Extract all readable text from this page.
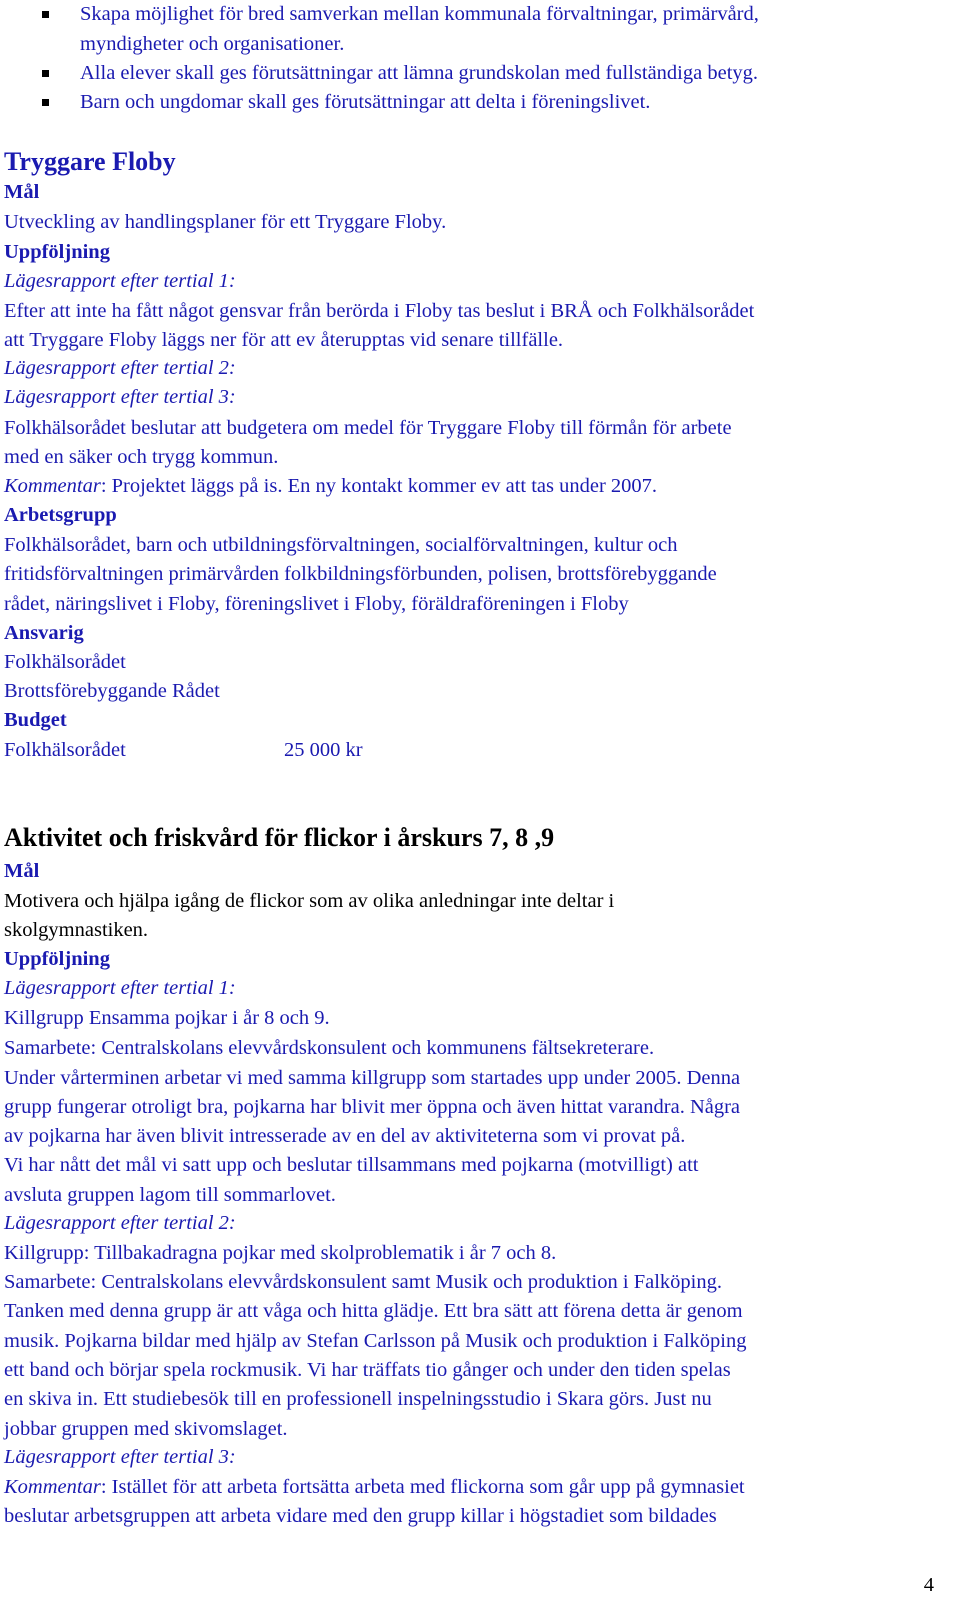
Skapa möjlighet för bred samverkan mellan kommunala förvaltningar, primärvård,
myndigheter och organisationer.
Alla elever skall ges förutsättningar att lämna grundskolan med fullständiga betyg.
Barn och ungdomar skall ges förutsättningar att delta i föreningslivet.
Tryggare Floby
Mål
Utveckling av handlingsplaner för ett Tryggare Floby.
Uppföljning
Lägesrapport efter tertial 1:
Efter att inte ha fått något gensvar från berörda i Floby tas beslut i BRÅ och Folkhälsorådet
att Tryggare Floby läggs ner för att ev återupptas vid senare tillfälle.
Lägesrapport efter tertial 2:
Lägesrapport efter tertial 3:
Folkhälsorådet beslutar att budgetera om medel för Tryggare Floby till förmån för arbete
med en säker och trygg kommun.
Kommentar: Projektet läggs på is. En ny kontakt kommer ev att tas under 2007.
Arbetsgrupp
Folkhälsorådet, barn och utbildningsförvaltningen, socialförvaltningen, kultur och
fritidsförvaltningen primärvården folkbildningsförbunden, polisen, brottsförebyggande
rådet, näringslivet i Floby, föreningslivet i Floby, föräldraföreningen i Floby
Ansvarig
Folkhälsorådet
Brottsförebyggande Rådet
Budget
Folkhälsorådet	25 000 kr
Aktivitet och friskvård för flickor i årskurs 7, 8 ,9
Mål
Motivera och hjälpa igång de flickor som av olika anledningar inte deltar i
skolgymnastiken.
Uppföljning
Lägesrapport efter tertial 1:
Killgrupp Ensamma pojkar i år 8 och 9.
Samarbete: Centralskolans elevvårdskonsulent och kommunens fältsekreterare.
Under vårterminen arbetar vi med samma killgrupp som startades upp under 2005. Denna
grupp fungerar otroligt bra, pojkarna har blivit mer öppna och även hittat varandra. Några
av pojkarna har även blivit intresserade av en del av aktiviteterna som vi provat på.
Vi har nått det mål vi satt upp och beslutar tillsammans med pojkarna (motvilligt) att
avsluta gruppen lagom till sommarlovet.
Lägesrapport efter tertial 2:
Killgrupp: Tillbakadragna pojkar med skolproblematik i år 7 och 8.
Samarbete: Centralskolans elevvårdskonsulent samt Musik och produktion i Falköping.
Tanken med denna grupp är att våga och hitta glädje. Ett bra sätt att förena detta är genom
musik. Pojkarna bildar med hjälp av Stefan Carlsson på Musik och produktion i Falköping
ett band och börjar spela rockmusik. Vi har träffats tio gånger och under den tiden spelas
en skiva in. Ett studiebesök till en professionell inspelningsstudio i Skara görs. Just nu
jobbar gruppen med skivomslaget.
Lägesrapport efter tertial 3:
Kommentar: Istället för att arbeta fortsätta arbeta med flickorna som går upp på gymnasiet
beslutar arbetsgruppen att arbeta vidare med den grupp killar i högstadiet som bildades
4
